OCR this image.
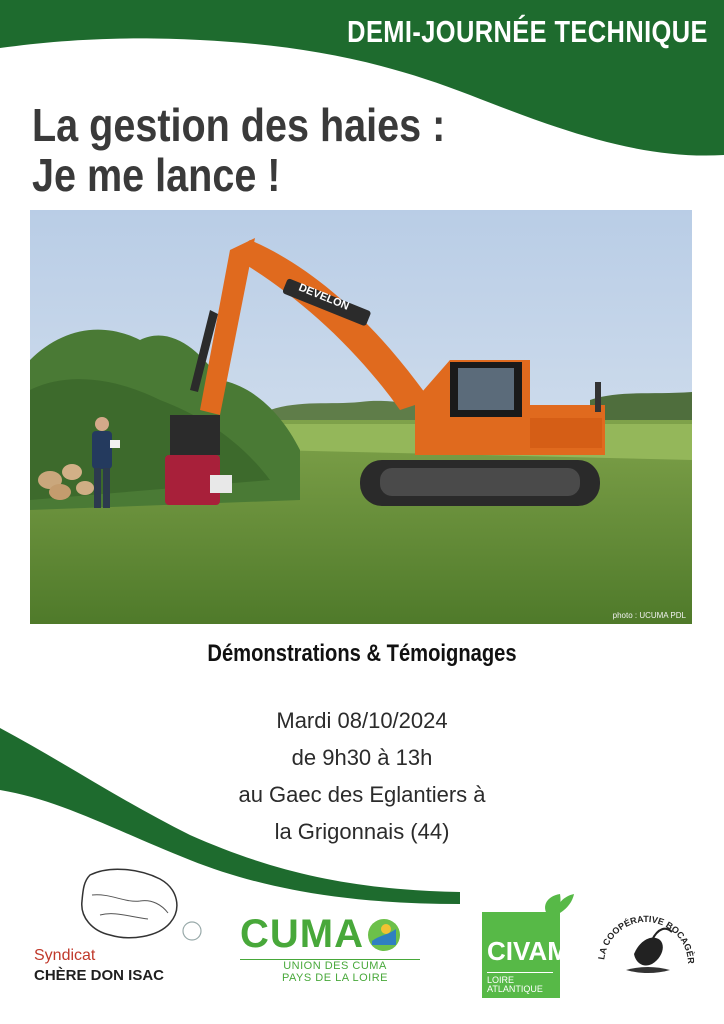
DEMI-JOURNÉE TECHNIQUE
La gestion des haies :
Je me lance !
DEVELON
photo : UCUMA PDL
Démonstrations & Témoignages
Mardi 08/10/2024
de 9h30 à 13h
au Gaec des Eglantiers à
la Grigonnais (44)
Syndicat
CHÈRE DON ISAC
CUMA
UNION DES CUMA
PAYS DE LA LOIRE
CIVAM
LOIRE
ATLANTIQUE
LA COOPÉRATIVE BOCAGÈR
